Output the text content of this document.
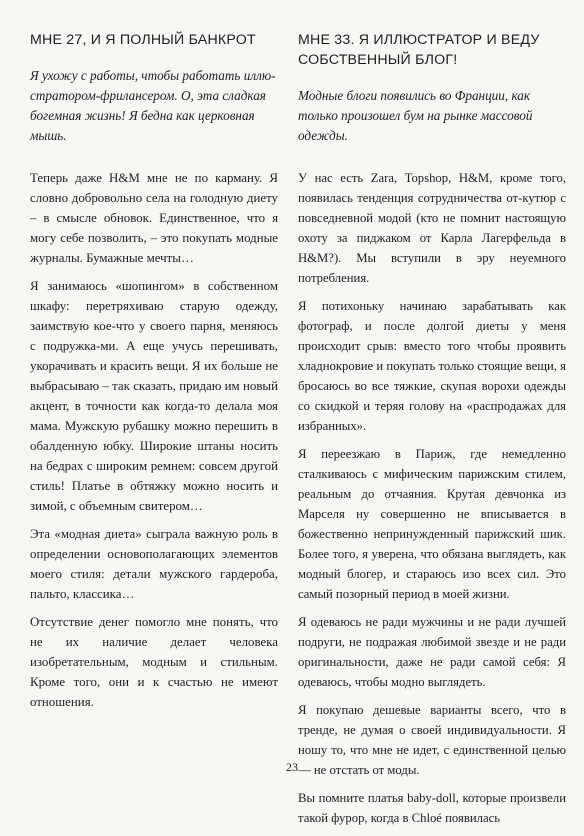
МНЕ 27, И Я ПОЛНЫЙ БАНКРОТ

Я ухожу с работы, чтобы работать иллю-стратором-фрилансером. О, эта сладкая богемная жизнь! Я бедна как церковная мышь.

Теперь даже H&M мне не по карману. Я словно добровольно села на голодную диету – в смысле обновок. Единственное, что я могу себе позволить, – это покупать модные журналы. Бумажные мечты…

Я занимаюсь «шопингом» в собственном шкафу: перетряхиваю старую одежду, заимствую кое-что у своего парня, меняюсь с подружка-ми. А еще учусь перешивать, укорачивать и красить вещи. Я их больше не выбрасываю – так сказать, придаю им новый акцент, в точности как когда-то делала моя мама. Мужскую рубашку можно перешить в обалденную юбку. Широкие штаны носить на бедрах с широким ремнем: совсем другой стиль! Платье в обтяжку можно носить и зимой, с объемным свитером…

Эта «модная диета» сыграла важную роль в определении основополагающих элементов моего стиля: детали мужского гардероба, пальто, классика…

Отсутствие денег помогло мне понять, что не их наличие делает человека изобретательным, модным и стильным. Кроме того, они и к счастью не имеют отношения.

МНЕ 33. Я ИЛЛЮСТРАТОР И ВЕДУ СОБСТВЕННЫЙ БЛОГ!

Модные блоги появились во Франции, как только произошел бум на рынке массовой одежды.

У нас есть Zara, Topshop, H&M, кроме того, появилась тенденция сотрудничества от-кутюр с повседневной модой (кто не помнит настоящую охоту за пиджаком от Карла Лагерфельда в H&M?). Мы вступили в эру неуемного потребления.

Я потихоньку начинаю зарабатывать как фотограф, и после долгой диеты у меня происходит срыв: вместо того чтобы проявить хладнокровие и покупать только стоящие вещи, я бросаюсь во все тяжкие, скупая ворохи одежды со скидкой и теряя голову на «распродажах для избранных».

Я переезжаю в Париж, где немедленно сталкиваюсь с мифическим парижским стилем, реальным до отчаяния. Крутая девчонка из Марселя ну совершенно не вписывается в божественно непринужденный парижский шик. Более того, я уверена, что обязана выглядеть, как модный блогер, и стараюсь изо всех сил. Это самый позорный период в моей жизни.

Я одеваюсь не ради мужчины и не ради лучшей подруги, не подражая любимой звезде и не ради оригинальности, даже не ради самой себя: Я одеваюсь, чтобы модно выглядеть.

Я покупаю дешевые варианты всего, что в тренде, не думая о своей индивидуальности. Я ношу то, что мне не идет, с единственной целью — не отстать от моды.

Вы помните платья baby-doll, которые произвели такой фурор, когда в Chloé появилась

23
